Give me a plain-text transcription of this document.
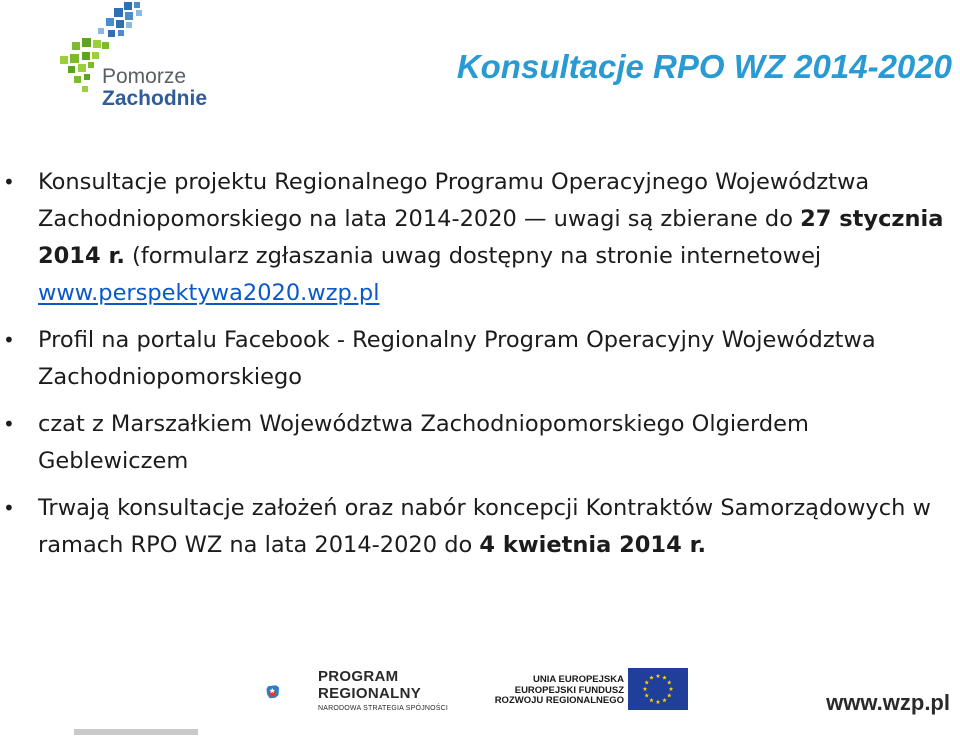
Pomorze
Zachodnie
Konsultacje RPO WZ 2014-2020
• Konsultacje projektu Regionalnego Programu Operacyjnego Województwa Zachodniopomorskiego na lata 2014-2020 — uwagi są zbierane do 27 stycznia 2014 r. (formularz zgłaszania uwag dostępny na stronie internetowej www.perspektywa2020.wzp.pl
• Profil na portalu Facebook - Regionalny Program Operacyjny Województwa Zachodniopomorskiego
• czat z Marszałkiem Województwa Zachodniopomorskiego Olgierdem Geblewiczem
• Trwają konsultacje założeń oraz nabór koncepcji Kontraktów Samorządowych w ramach RPO WZ na lata 2014-2020 do 4 kwietnia 2014 r.
PROGRAM
REGIONALNY
NARODOWA STRATEGIA SPÓJNOŚCI
UNIA EUROPEJSKA
EUROPEJSKI FUNDUSZ
ROZWOJU REGIONALNEGO	www.wzp.pl
